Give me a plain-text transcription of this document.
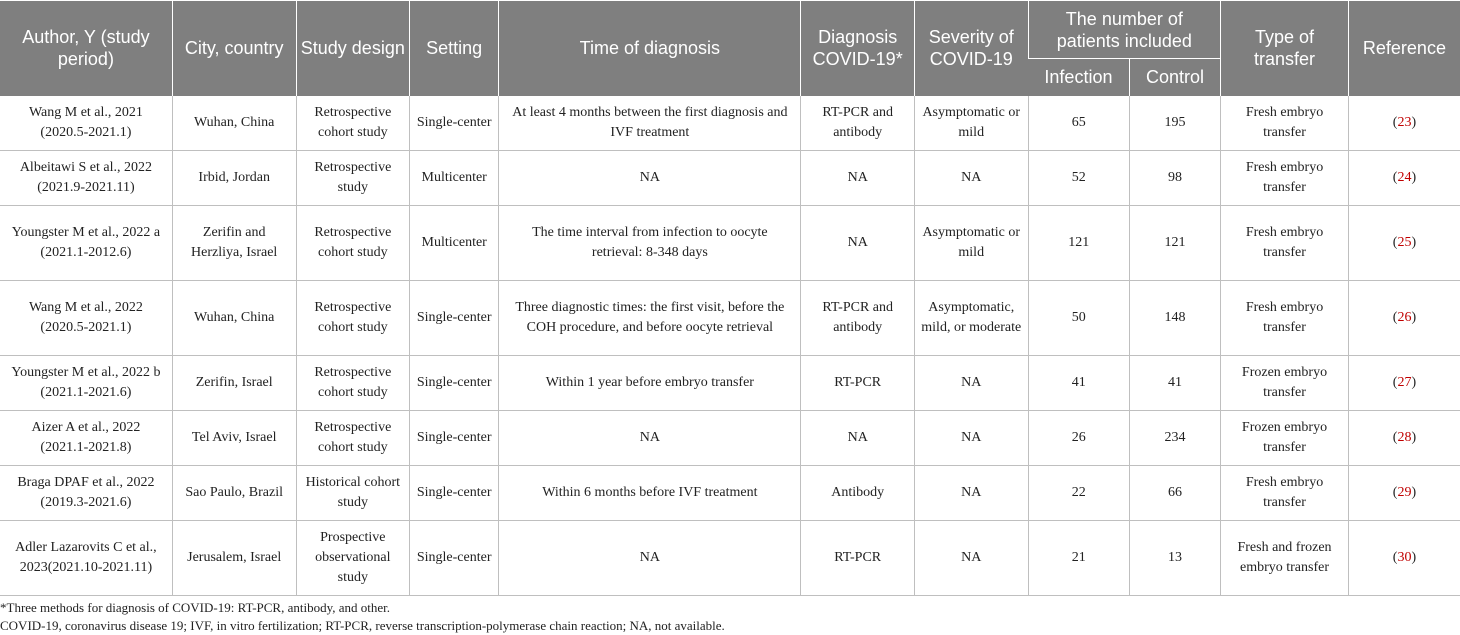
Author, Y (study period)	City, country	Study design	Setting	Time of diagnosis	Diagnosis COVID-19*	Severity of COVID-19	The number of patients included		Type of transfer	Reference
							Infection	Control		
Wang M et al., 2021 (2020.5-2021.1)	Wuhan, China	Retrospective cohort study	Single-center	At least 4 months between the first diagnosis and IVF treatment	RT-PCR and antibody	Asymptomatic or mild	65	195	Fresh embryo transfer	(23)
Albeitawi S et al., 2022 (2021.9-2021.11)	Irbid, Jordan	Retrospective study	Multicenter	NA	NA	NA	52	98	Fresh embryo transfer	(24)
Youngster M et al., 2022 a (2021.1-2012.6)	Zerifin and Herzliya, Israel	Retrospective cohort study	Multicenter	The time interval from infection to oocyte retrieval: 8-348 days	NA	Asymptomatic or mild	121	121	Fresh embryo transfer	(25)
Wang M et al., 2022 (2020.5-2021.1)	Wuhan, China	Retrospective cohort study	Single-center	Three diagnostic times: the first visit, before the COH procedure, and before oocyte retrieval	RT-PCR and antibody	Asymptomatic, mild, or moderate	50	148	Fresh embryo transfer	(26)
Youngster M et al., 2022 b (2021.1-2021.6)	Zerifin, Israel	Retrospective cohort study	Single-center	Within 1 year before embryo transfer	RT-PCR	NA	41	41	Frozen embryo transfer	(27)
Aizer A et al., 2022 (2021.1-2021.8)	Tel Aviv, Israel	Retrospective cohort study	Single-center	NA	NA	NA	26	234	Frozen embryo transfer	(28)
Braga DPAF et al., 2022 (2019.3-2021.6)	Sao Paulo, Brazil	Historical cohort study	Single-center	Within 6 months before IVF treatment	Antibody	NA	22	66	Fresh embryo transfer	(29)
Adler Lazarovits C et al., 2023(2021.10-2021.11)	Jerusalem, Israel	Prospective observational study	Single-center	NA	RT-PCR	NA	21	13	Fresh and frozen embryo transfer	(30)
*Three methods for diagnosis of COVID-19: RT-PCR, antibody, and other.
COVID-19, coronavirus disease 19; IVF, in vitro fertilization; RT-PCR, reverse transcription-polymerase chain reaction; NA, not available.
